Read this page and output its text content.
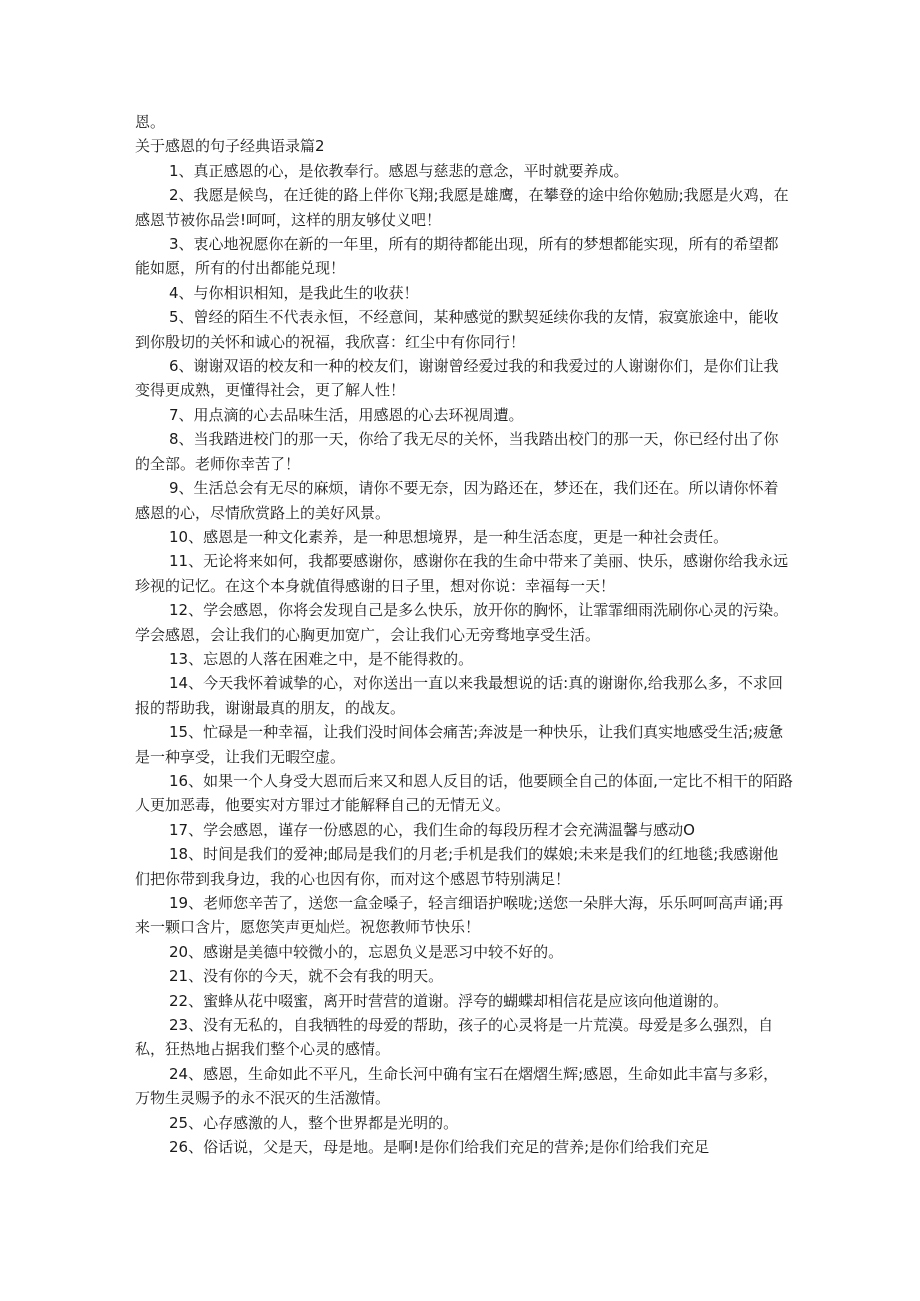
恩。

关于感恩的句子经典语录篇2

1、真正感恩的心，是依教奉行。感恩与慈悲的意念，平时就要养成。

2、我愿是候鸟，在迁徙的路上伴你飞翔;我愿是雄鹰，在攀登的途中给你勉励;我愿是火鸡，在感恩节被你品尝!呵呵，这样的朋友够仗义吧！

3、衷心地祝愿你在新的一年里，所有的期待都能出现，所有的梦想都能实现，所有的希望都能如愿，所有的付出都能兑现！

4、与你相识相知，是我此生的收获！

5、曾经的陌生不代表永恒，不经意间，某种感觉的默契延续你我的友情，寂寞旅途中，能收到你殷切的关怀和诚心的祝福，我欣喜：红尘中有你同行！

6、谢谢双语的校友和一种的校友们，谢谢曾经爱过我的和我爱过的人谢谢你们，是你们让我变得更成熟，更懂得社会，更了解人性！

7、用点滴的心去品味生活，用感恩的心去环视周遭。

8、当我踏进校门的那一天，你给了我无尽的关怀，当我踏出校门的那一天，你已经付出了你的全部。老师你幸苦了！

9、生活总会有无尽的麻烦，请你不要无奈，因为路还在，梦还在，我们还在。所以请你怀着感恩的心，尽情欣赏路上的美好风景。

10、感恩是一种文化素养，是一种思想境界，是一种生活态度，更是一种社会责任。

11、无论将来如何，我都要感谢你，感谢你在我的生命中带来了美丽、快乐，感谢你给我永远珍视的记忆。在这个本身就值得感谢的日子里，想对你说：幸福每一天！

12、学会感恩，你将会发现自己是多么快乐，放开你的胸怀，让霏霏细雨洗刷你心灵的污染。学会感恩，会让我们的心胸更加宽广，会让我们心无旁骛地享受生活。

13、忘恩的人落在困难之中，是不能得救的。

14、今天我怀着诚挚的心，对你送出一直以来我最想说的话:真的谢谢你,给我那么多，不求回报的帮助我，谢谢最真的朋友，的战友。

15、忙碌是一种幸福，让我们没时间体会痛苦;奔波是一种快乐，让我们真实地感受生活;疲惫是一种享受，让我们无暇空虚。

16、如果一个人身受大恩而后来又和恩人反目的话，他要顾全自己的体面,一定比不相干的陌路人更加恶毒，他要实对方罪过才能解释自己的无情无义。

17、学会感恩，谨存一份感恩的心，我们生命的每段历程才会充满温馨与感动O

18、时间是我们的爱神;邮局是我们的月老;手机是我们的媒娘;未来是我们的红地毯;我感谢他们把你带到我身边，我的心也因有你，而对这个感恩节特别满足！

19、老师您辛苦了，送您一盒金嗓子，轻言细语护喉咙;送您一朵胖大海，乐乐呵呵高声诵;再来一颗口含片，愿您笑声更灿烂。祝您教师节快乐！

20、感谢是美德中较微小的，忘恩负义是恶习中较不好的。

21、没有你的今天，就不会有我的明天。

22、蜜蜂从花中啜蜜，离开时营营的道谢。浮夸的蝴蝶却相信花是应该向他道谢的。

23、没有无私的，自我牺牲的母爱的帮助，孩子的心灵将是一片荒漠。母爱是多么强烈，自私，狂热地占据我们整个心灵的感情。

24、感恩，生命如此不平凡，生命长河中确有宝石在熠熠生辉;感恩，生命如此丰富与多彩，万物生灵赐予的永不泯灭的生活激情。

25、心存感激的人，整个世界都是光明的。

26、俗话说，父是天，母是地。是啊!是你们给我们充足的营养;是你们给我们充足
